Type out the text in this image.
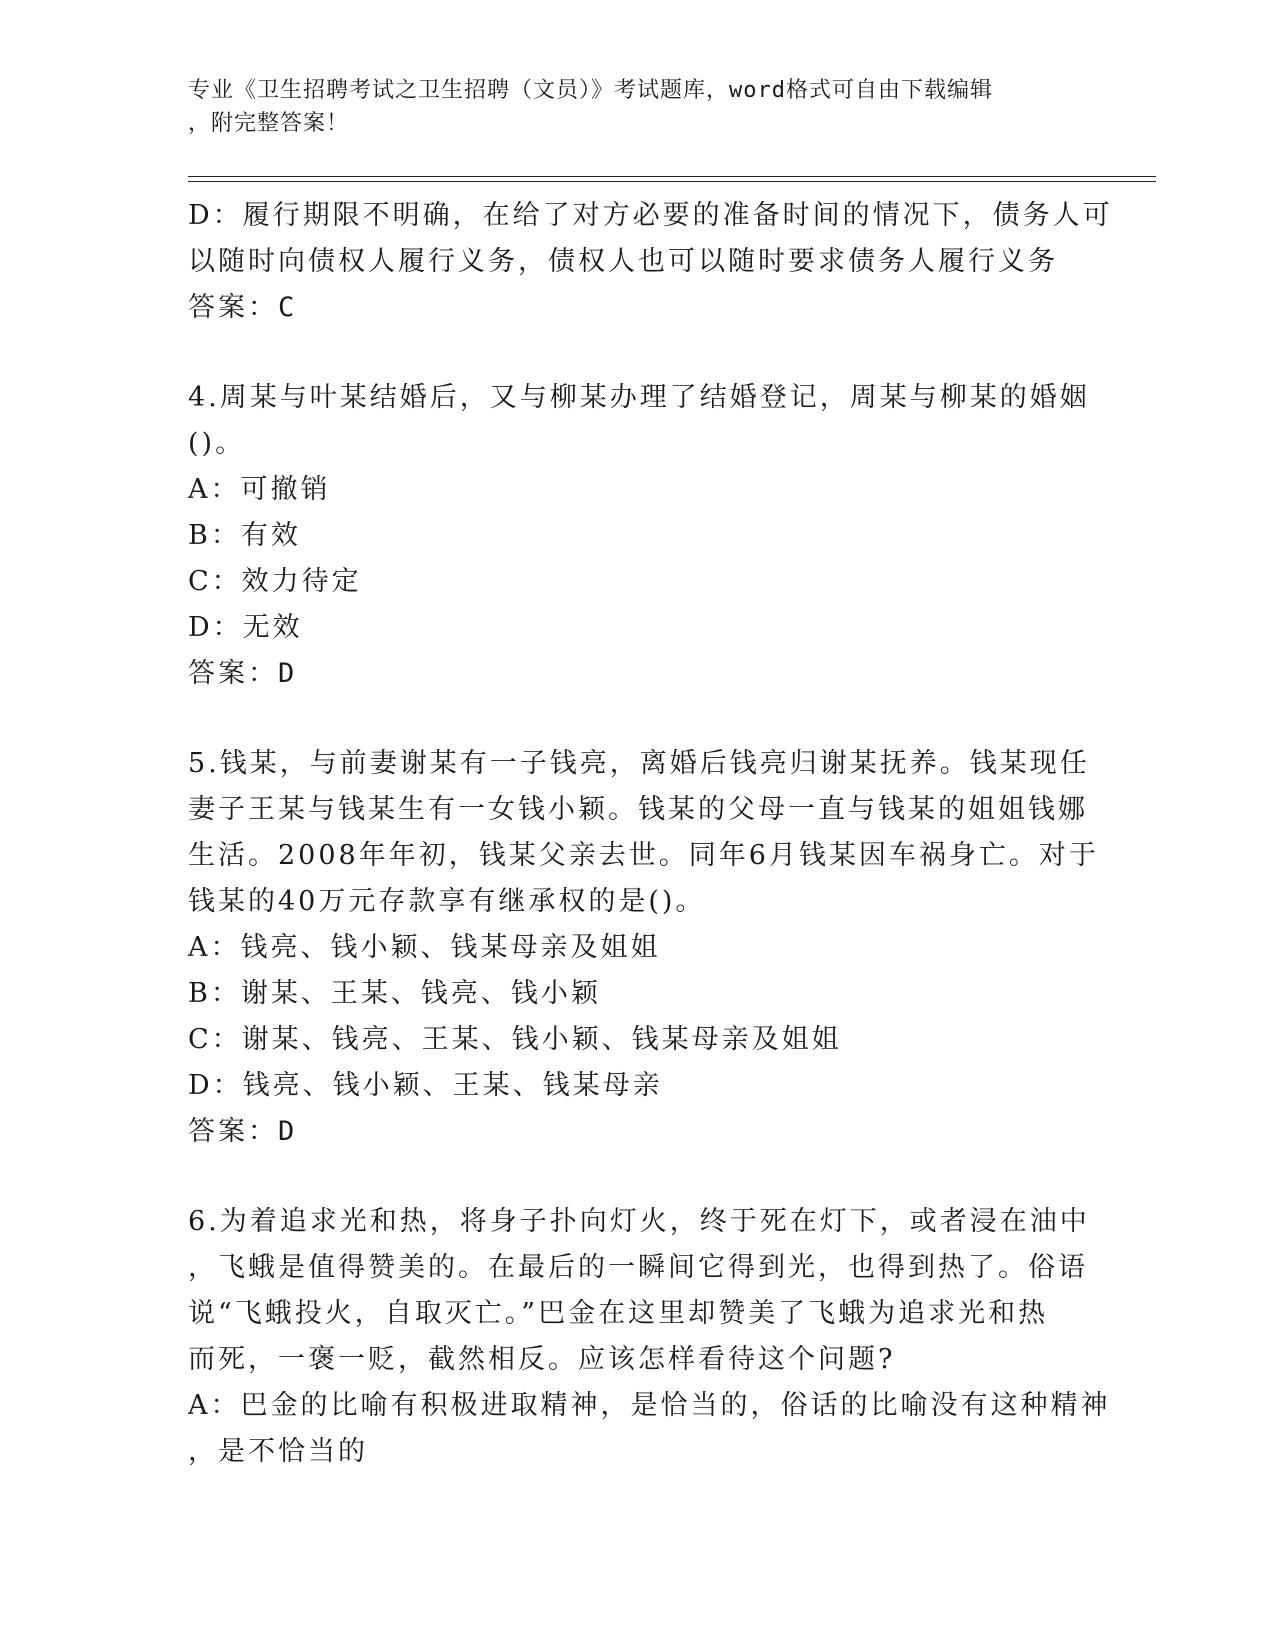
专业《卫生招聘考试之卫生招聘（文员）》考试题库，word格式可自由下载编辑

，附完整答案！

D：履行期限不明确，在给了对方必要的准备时间的情况下，债务人可

以随时向债权人履行义务，债权人也可以随时要求债务人履行义务

答案：C

4.周某与叶某结婚后，又与柳某办理了结婚登记，周某与柳某的婚姻

()。

A：可撤销

B：有效

C：效力待定

D：无效

答案：D

5.钱某，与前妻谢某有一子钱亮，离婚后钱亮归谢某抚养。钱某现任

妻子王某与钱某生有一女钱小颖。钱某的父母一直与钱某的姐姐钱娜

生活。2008年年初，钱某父亲去世。同年6月钱某因车祸身亡。对于

钱某的40万元存款享有继承权的是()。

A：钱亮、钱小颖、钱某母亲及姐姐

B：谢某、王某、钱亮、钱小颖

C：谢某、钱亮、王某、钱小颖、钱某母亲及姐姐

D：钱亮、钱小颖、王某、钱某母亲

答案：D

6.为着追求光和热，将身子扑向灯火，终于死在灯下，或者浸在油中

，飞蛾是值得赞美的。在最后的一瞬间它得到光，也得到热了。俗语

说“飞蛾投火，自取灭亡。”巴金在这里却赞美了飞蛾为追求光和热

而死，一褒一贬，截然相反。应该怎样看待这个问题?

A：巴金的比喻有积极进取精神，是恰当的，俗话的比喻没有这种精神

，是不恰当的
